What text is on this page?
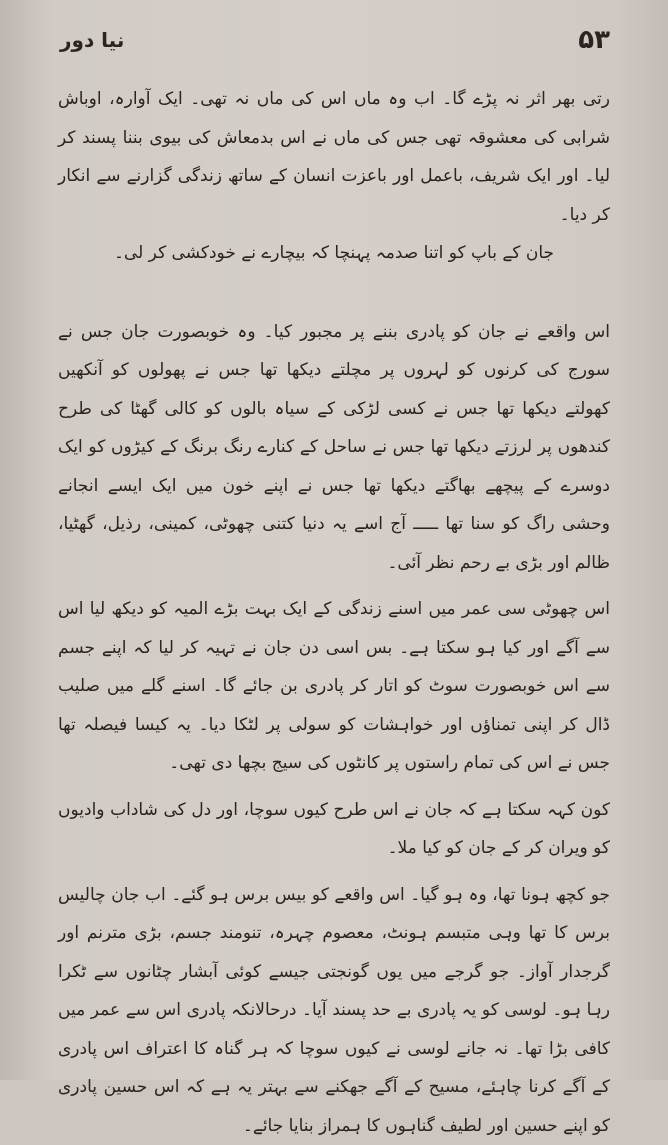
۵۳
نیا دور

رتی بھر اثر نہ پڑے گا۔ اب وہ ماں اس کی ماں نہ تھی۔ ایک آوارہ، اوباش شرابی کی معشوقہ تھی جس کی ماں نے اس بدمعاش کی بیوی بننا پسند کر لیا۔ اور ایک شریف، باعمل اور باعزت انسان کے ساتھ زندگی گزارنے سے انکار کر دیا۔

جان کے باپ کو اتنا صدمہ پہنچا کہ بیچارے نے خودکشی کر لی۔

اس واقعے نے جان کو پادری بننے پر مجبور کیا۔ وہ خوبصورت جان جس نے سورج کی کرنوں کو لہروں پر مچلتے دیکھا تھا جس نے پھولوں کو آنکھیں کھولتے دیکھا تھا جس نے کسی لڑکی کے سیاہ بالوں کو کالی گھٹا کی طرح کندھوں پر لرزتے دیکھا تھا جس نے ساحل کے کنارے رنگ برنگ کے کیڑوں کو ایک دوسرے کے پیچھے بھاگتے دیکھا تھا جس نے اپنے خون میں ایک ایسے انجانے وحشی راگ کو سنا تھا ـــــ آج اسے یہ دنیا کتنی چھوٹی، کمینی، رذیل، گھٹیا، ظالم اور بڑی بے رحم نظر آئی۔

اس چھوٹی سی عمر میں اسنے زندگی کے ایک بہت بڑے المیہ کو دیکھ لیا اس سے آگے اور کیا ہو سکتا ہے۔ بس اسی دن جان نے تہیہ کر لیا کہ اپنے جسم سے اس خوبصورت سوٹ کو اتار کر پادری بن جائے گا۔ اسنے گلے میں صلیب ڈال کر اپنی تمناؤں اور خواہشات کو سولی پر لٹکا دیا۔ یہ کیسا فیصلہ تھا جس نے اس کی تمام راستوں پر کانٹوں کی سیج بچھا دی تھی۔

کون کہہ سکتا ہے کہ جان نے اس طرح کیوں سوچا، اور دل کی شاداب وادیوں کو ویران کر کے جان کو کیا ملا۔

جو کچھ ہونا تھا، وہ ہو گیا۔ اس واقعے کو بیس برس ہو گئے۔ اب جان چالیس برس کا تھا وہی متبسم ہونٹ، معصوم چہرہ، تنومند جسم، بڑی مترنم اور گرجدار آواز۔ جو گرجے میں یوں گونجتی جیسے کوئی آبشار چٹانوں سے ٹکرا رہا ہو۔ لوسی کو یہ پادری بے حد پسند آیا۔ درحالانکہ پادری اس سے عمر میں کافی بڑا تھا۔ نہ جانے لوسی نے کیوں سوچا کہ ہر گناہ کا اعتراف اس پادری کے آگے کرنا چاہئے، مسیح کے آگے جھکنے سے بہتر یہ ہے کہ اس حسین پادری کو اپنے حسین اور لطیف گناہوں کا ہمراز بنایا جائے۔
